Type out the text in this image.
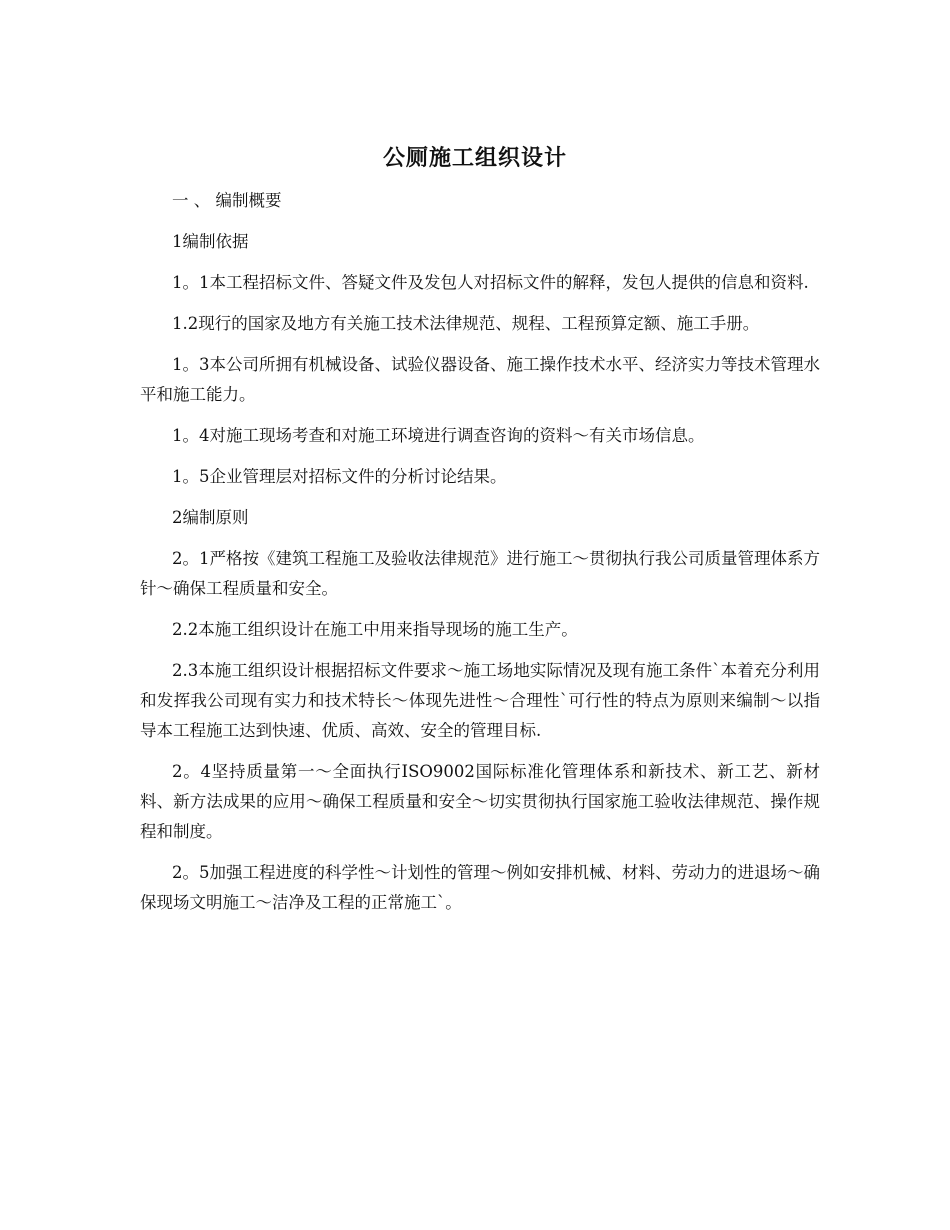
公厕施工组织设计

一 、 编制概要

1编制依据

1。1本工程招标文件、答疑文件及发包人对招标文件的解释，发包人提供的信息和资料.

1.2现行的国家及地方有关施工技术法律规范、规程、工程预算定额、施工手册。

1。3本公司所拥有机械设备、试验仪器设备、施工操作技术水平、经济实力等技术管理水平和施工能力。

1。4对施工现场考查和对施工环境进行调查咨询的资料～有关市场信息。

1。5企业管理层对招标文件的分析讨论结果。

2编制原则

2。1严格按《建筑工程施工及验收法律规范》进行施工～贯彻执行我公司质量管理体系方针～确保工程质量和安全。

2.2本施工组织设计在施工中用来指导现场的施工生产。

2.3本施工组织设计根据招标文件要求～施工场地实际情况及现有施工条件`本着充分利用和发挥我公司现有实力和技术特长～体现先进性～合理性`可行性的特点为原则来编制～以指导本工程施工达到快速、优质、高效、安全的管理目标.

2。4坚持质量第一～全面执行ISO9002国际标准化管理体系和新技术、新工艺、新材料、新方法成果的应用～确保工程质量和安全～切实贯彻执行国家施工验收法律规范、操作规程和制度。

2。5加强工程进度的科学性～计划性的管理～例如安排机械、材料、劳动力的进退场～确保现场文明施工～洁净及工程的正常施工`。
